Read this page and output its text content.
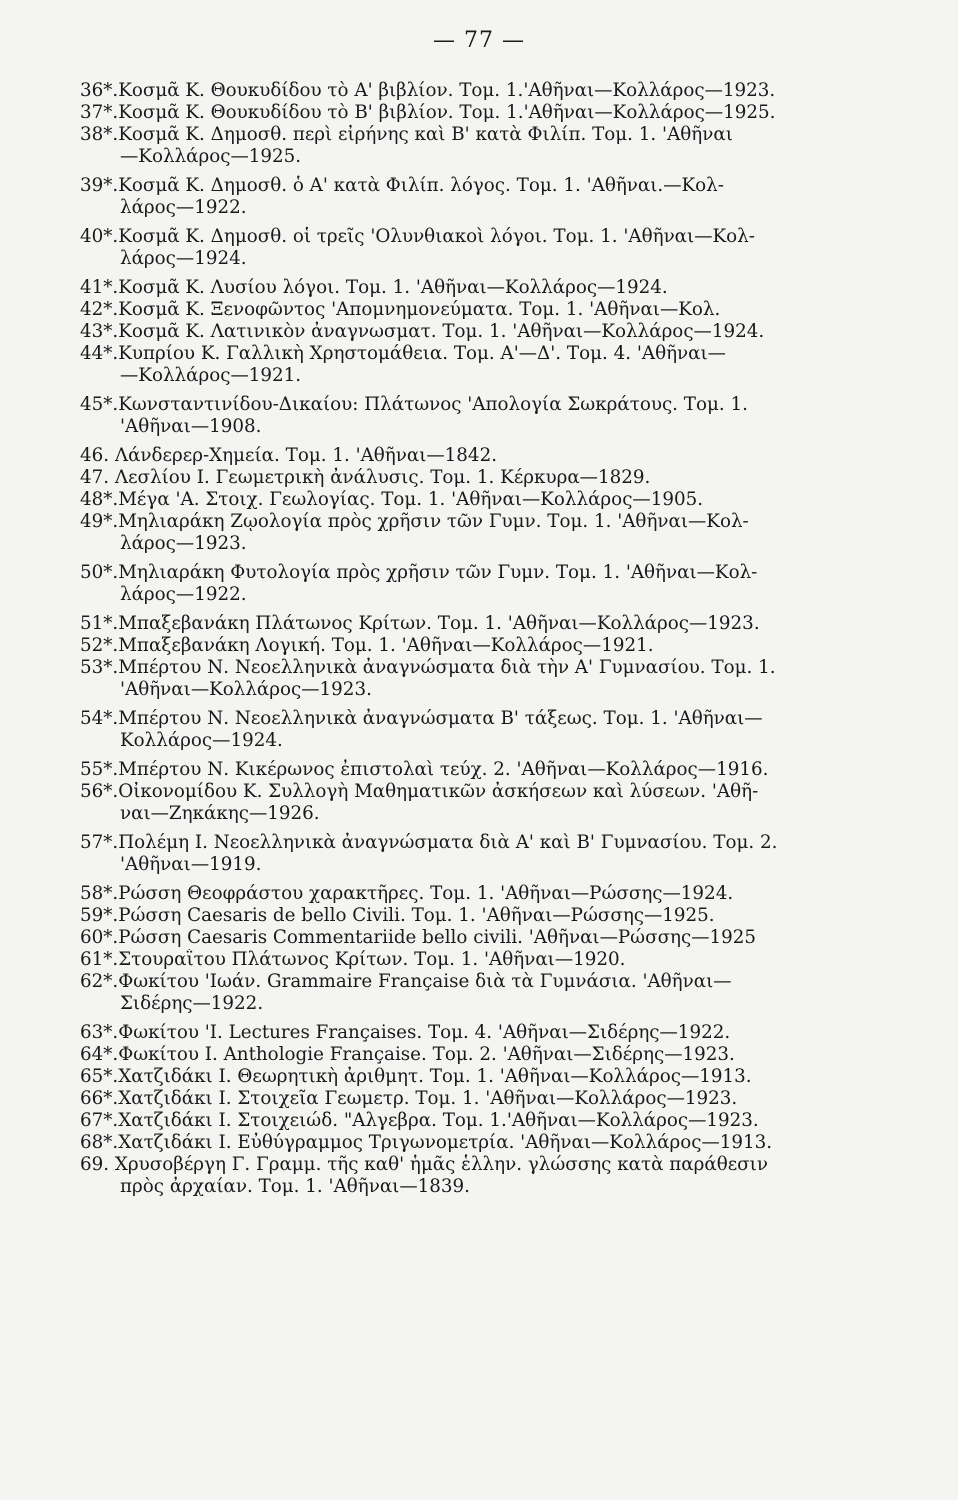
— 77 —
36*.Κοσμᾶ Κ. Θουκυδίδου τὸ Α' βιβλίον. Τομ. 1.'Αθῆναι—Κολλάρος—1923.
37*.Κοσμᾶ Κ. Θουκυδίδου τὸ Β' βιβλίον. Τομ. 1.'Αθῆναι—Κολλάρος—1925.
38*.Κοσμᾶ Κ. Δημοσθ. περὶ εἰρήνης καὶ Β' κατὰ Φιλίπ. Τομ. 1. 'Αθῆναι
—Κολλάρος—1925.
39*.Κοσμᾶ Κ. Δημοσθ. ὁ Α' κατὰ Φιλίπ. λόγος. Τομ. 1. 'Αθῆναι.—Κολ-
λάρος—1922.
40*.Κοσμᾶ Κ. Δημοσθ. οἱ τρεῖς 'Ολυνθιακοὶ λόγοι. Τομ. 1. 'Αθῆναι—Κολ-
λάρος—1924.
41*.Κοσμᾶ Κ. Λυσίου λόγοι. Τομ. 1. 'Αθῆναι—Κολλάρος—1924.
42*.Κοσμᾶ Κ. Ξενοφῶντος 'Απομνημονεύματα. Τομ. 1. 'Αθῆναι—Κολ.
43*.Κοσμᾶ Κ. Λατινικὸν ἀναγνωσματ. Τομ. 1. 'Αθῆναι—Κολλάρος—1924.
44*.Κυπρίου Κ. Γαλλικὴ Χρηστομάθεια. Τομ. Α'—Δ'. Τομ. 4. 'Αθῆναι—
—Κολλάρος—1921.
45*.Κωνσταντινίδου-Δικαίου: Πλάτωνος 'Απολογία Σωκράτους. Τομ. 1.
'Αθῆναι—1908.
46. Λάνδερερ-Χημεία. Τομ. 1. 'Αθῆναι—1842.
47. Λεσλίου Ι. Γεωμετρικὴ ἀνάλυσις. Τομ. 1. Κέρκυρα—1829.
48*.Μέγα 'Α. Στοιχ. Γεωλογίας. Τομ. 1. 'Αθῆναι—Κολλάρος—1905.
49*.Μηλιαράκη Ζῳολογία πρὸς χρῆσιν τῶν Γυμν. Τομ. 1. 'Αθῆναι—Κολ-
λάρος—1923.
50*.Μηλιαράκη Φυτολογία πρὸς χρῆσιν τῶν Γυμν. Τομ. 1. 'Αθῆναι—Κολ-
λάρος—1922.
51*.Μπαξεβανάκη Πλάτωνος Κρίτων. Τομ. 1. 'Αθῆναι—Κολλάρος—1923.
52*.Μπαξεβανάκη Λογική. Τομ. 1. 'Αθῆναι—Κολλάρος—1921.
53*.Μπέρτου Ν. Νεοελληνικὰ ἀναγνώσματα διὰ τὴν Α' Γυμνασίου. Τομ. 1.
'Αθῆναι—Κολλάρος—1923.
54*.Μπέρτου Ν. Νεοελληνικὰ ἀναγνώσματα Β' τάξεως. Τομ. 1. 'Αθῆναι—
Κολλάρος—1924.
55*.Μπέρτου Ν. Κικέρωνος ἐπιστολαὶ τεύχ. 2. 'Αθῆναι—Κολλάρος—1916.
56*.Οἰκονομίδου Κ. Συλλογὴ Μαθηματικῶν ἀσκήσεων καὶ λύσεων. 'Αθῆ-
ναι—Ζηκάκης—1926.
57*.Πολέμη Ι. Νεοελληνικὰ ἀναγνώσματα διὰ Α' καὶ Β' Γυμνασίου. Τομ. 2.
'Αθῆναι—1919.
58*.Ρώσση Θεοφράστου χαρακτῆρες. Τομ. 1. 'Αθῆναι—Ρώσσης—1924.
59*.Ρώσση Caesaris de bello Civili. Τομ. 1. 'Αθῆναι—Ρώσσης—1925.
60*.Ρώσση Caesaris Commentariide bello civili. 'Αθῆναι—Ρώσσης—1925
61*.Στουραΐτου Πλάτωνος Κρίτων. Τομ. 1. 'Αθῆναι—1920.
62*.Φωκίτου 'Ιωάν. Grammaire Française διὰ τὰ Γυμνάσια. 'Αθῆναι—
Σιδέρης—1922.
63*.Φωκίτου 'Ι. Lectures Françaises. Τομ. 4. 'Αθῆναι—Σιδέρης—1922.
64*.Φωκίτου Ι. Anthologie Française. Τομ. 2. 'Αθῆναι—Σιδέρης—1923.
65*.Χατζιδάκι Ι. Θεωρητικὴ ἀριθμητ. Τομ. 1. 'Αθῆναι—Κολλάρος—1913.
66*.Χατζιδάκι Ι. Στοιχεῖα Γεωμετρ. Τομ. 1. 'Αθῆναι—Κολλάρος—1923.
67*.Χατζιδάκι Ι. Στοιχειώδ. "Αλγεβρα. Τομ. 1.'Αθῆναι—Κολλάρος—1923.
68*.Χατζιδάκι Ι. Εὐθύγραμμος Τριγωνομετρία. 'Αθῆναι—Κολλάρος—1913.
69. Χρυσοβέργη Γ. Γραμμ. τῆς καθ' ἡμᾶς ἑλλην. γλώσσης κατὰ παράθεσιν
πρὸς ἀρχαίαν. Τομ. 1. 'Αθῆναι—1839.
